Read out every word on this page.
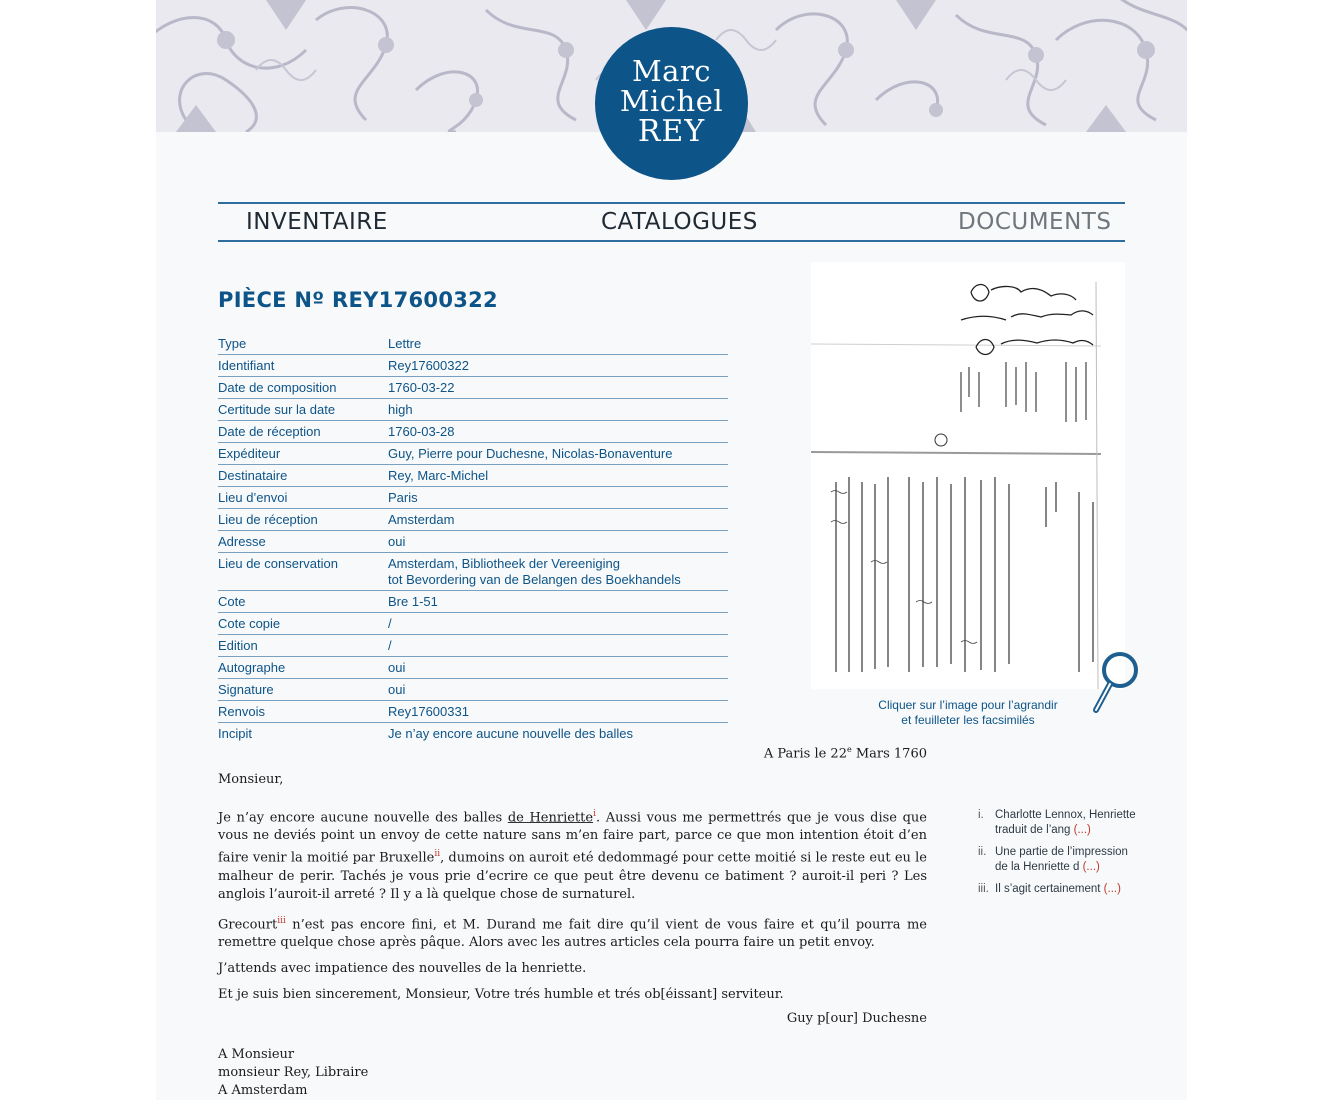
Marc
Michel
REY
INVENTAIRE	CATALOGUES	DOCUMENTS
PIÈCE Nº REY17600322
Type	Lettre
Identifiant	Rey17600322
Date de composition	1760-03-22
Certitude sur la date	high
Date de réception	1760-03-28
Expéditeur	Guy, Pierre pour Duchesne, Nicolas-Bonaventure
Destinataire	Rey, Marc-Michel
Lieu d’envoi	Paris
Lieu de réception	Amsterdam
Adresse	oui
Lieu de conservation	Amsterdam, Bibliotheek der Vereeniging
tot Bevordering van de Belangen des Boekhandels
Cote	Bre 1-51
Cote copie	/
Edition	/
Autographe	oui
Signature	oui
Renvois	Rey17600331
Incipit	Je n’ay encore aucune nouvelle des balles
Cliquer sur l’image pour l’agrandir
et feuilleter les facsimilés
A Paris le 22e Mars 1760
Monsieur,

Je n’ay encore aucune nouvelle des balles de Henriette$^i$. Aussi vous me permettrés que je vous dise que vous ne deviés point un envoy de cette nature sans m’en faire part, parce ce que mon intention étoit d’en faire venir la moitié par Bruxelle$^{ii}$, dumoins on auroit eté dedommagé pour cette moitié si le reste eut eu le malheur de perir. Tachés je vous prie d’ecrire ce que peut être devenu ce batiment ? auroit-il peri ? Les anglois l’auroit-il arreté ? Il y a là quelque chose de surnaturel.

Grecourt$^{iii}$ n’est pas encore fini, et M. Durand me fait dire qu’il vient de vous faire et qu’il pourra me remettre quelque chose après pâque. Alors avec les autres articles cela pourra faire un petit envoy.

J’attends avec impatience des nouvelles de la henriette.

Et je suis bien sincerement, Monsieur, Votre trés humble et trés ob[éissant] serviteur.

Guy p[our] Duchesne
A Monsieur
monsieur Rey, Libraire
A Amsterdam
i. Charlotte Lennox, Henriette traduit de l’ang (...)
ii. Une partie de l’impression de la Henriette d (...)
iii. Il s’agit certainement (...)
